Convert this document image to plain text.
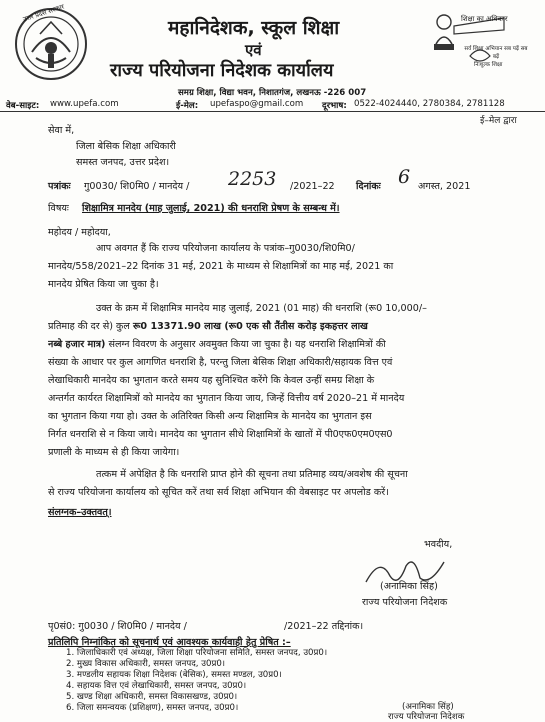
उत्तर प्रदेश सरकार
महानिदेशक, स्कूल शिक्षा
एवं
राज्य परियोजना निदेशक कार्यालय
समग्र शिक्षा, विद्या भवन, निशातगंज, लखनऊ -226 007
शिक्षा का अधिकार
सर्व शिक्षा अभियान सब पढ़ें सब बढ़ें
निःशुल्क शिक्षा
वेब-साइट: www.upefa.com	ई-मेल: upefaspo@gmail.com दूरभाष: 0522-4024440, 2780384, 2781128
ई–मेल द्वारा
सेवा में,
जिला बेसिक शिक्षा अधिकारी
समस्त जनपद, उत्तर प्रदेश।
पत्रांकः गु0030/ शि0मि0 / मानदेय / 2253 /2021–22 दिनांकः 6 अगस्त, 2021
विषयः शिक्षामित्र मानदेय (माह जुलाई, 2021) की धनराशि प्रेषण के सम्बन्ध में।
महोदय / महोदया,
आप अवगत हैं कि राज्य परियोजना कार्यालय के पत्रांक–गु0030/शि0मि0/
मानदेय/558/2021–22 दिनांक 31 मई, 2021 के माध्यम से शिक्षामित्रों का माह मई, 2021 का
मानदेय प्रेषित किया जा चुका है।
उक्त के क्रम में शिक्षामित्र मानदेय माह जुलाई, 2021 (01 माह) की धनराशि (रू0 10,000/–
प्रतिमाह की दर से) कुल रू0 13371.90 लाख (रू0 एक सौ तैंतीस करोड़ इकहत्तर लाख
नब्बे हजार मात्र) संलग्न विवरण के अनुसार अवमुक्त किया जा चुका है। यह धनराशि शिक्षामित्रों की
संख्या के आधार पर कुल आगणित धनराशि है, परन्तु जिला बेसिक शिक्षा अधिकारी/सहायक वित्त एवं
लेखाधिकारी मानदेय का भुगतान करते समय यह सुनिश्चित करेंगे कि केवल उन्हीं समग्र शिक्षा के
अन्तर्गत कार्यरत शिक्षामित्रों को मानदेय का भुगतान किया जाय, जिन्हें वित्तीय वर्ष 2020–21 में मानदेय
का भुगतान किया गया हो। उक्त के अतिरिक्त किसी अन्य शिक्षामित्र के मानदेय का भुगतान इस
निर्गत धनराशि से न किया जाये। मानदेय का भुगतान सीधे शिक्षामित्रों के खातों में पी0एफ0एम0एस0
प्रणाली के माध्यम से ही किया जायेगा।
तत्कम में अपेक्षित है कि धनराशि प्राप्त होने की सूचना तथा प्रतिमाह व्यय/अवशेष की सूचना
से राज्य परियोजना कार्यालय को सूचित करें तथा सर्व शिक्षा अभियान की वेबसाइट पर अपलोड करें।
संलग्नक–उक्तवत्।
भवदीय,
(अनामिका सिंह)
राज्य परियोजना निदेशक
पृ0सं0: गु0030 / शि0मि0 / मानदेय /	/2021–22 तद्दिनांक।
प्रतिलिपि निम्नांकित को सूचनार्थ एवं आवश्यक कार्यवाही हेतु प्रेषित :–
1. जिलाधिकारी एवं अध्यक्ष, जिला शिक्षा परियोजना समिति, समस्त जनपद, उ0प्र0।
2. मुख्य विकास अधिकारी, समस्त जनपद, उ0प्र0।
3. मण्डलीय सहायक शिक्षा निदेशक (बेसिक), समस्त मण्डल, उ0प्र0।
4. सहायक वित्त एवं लेखाधिकारी, समस्त जनपद, उ0प्र0।
5. खण्ड शिक्षा अधिकारी, समस्त विकासखण्ड, उ0प्र0।
6. जिला समन्वयक (प्रशिक्षण), समस्त जनपद, उ0प्र0।	(अनामिका सिंह)
राज्य परियोजना निदेशक
